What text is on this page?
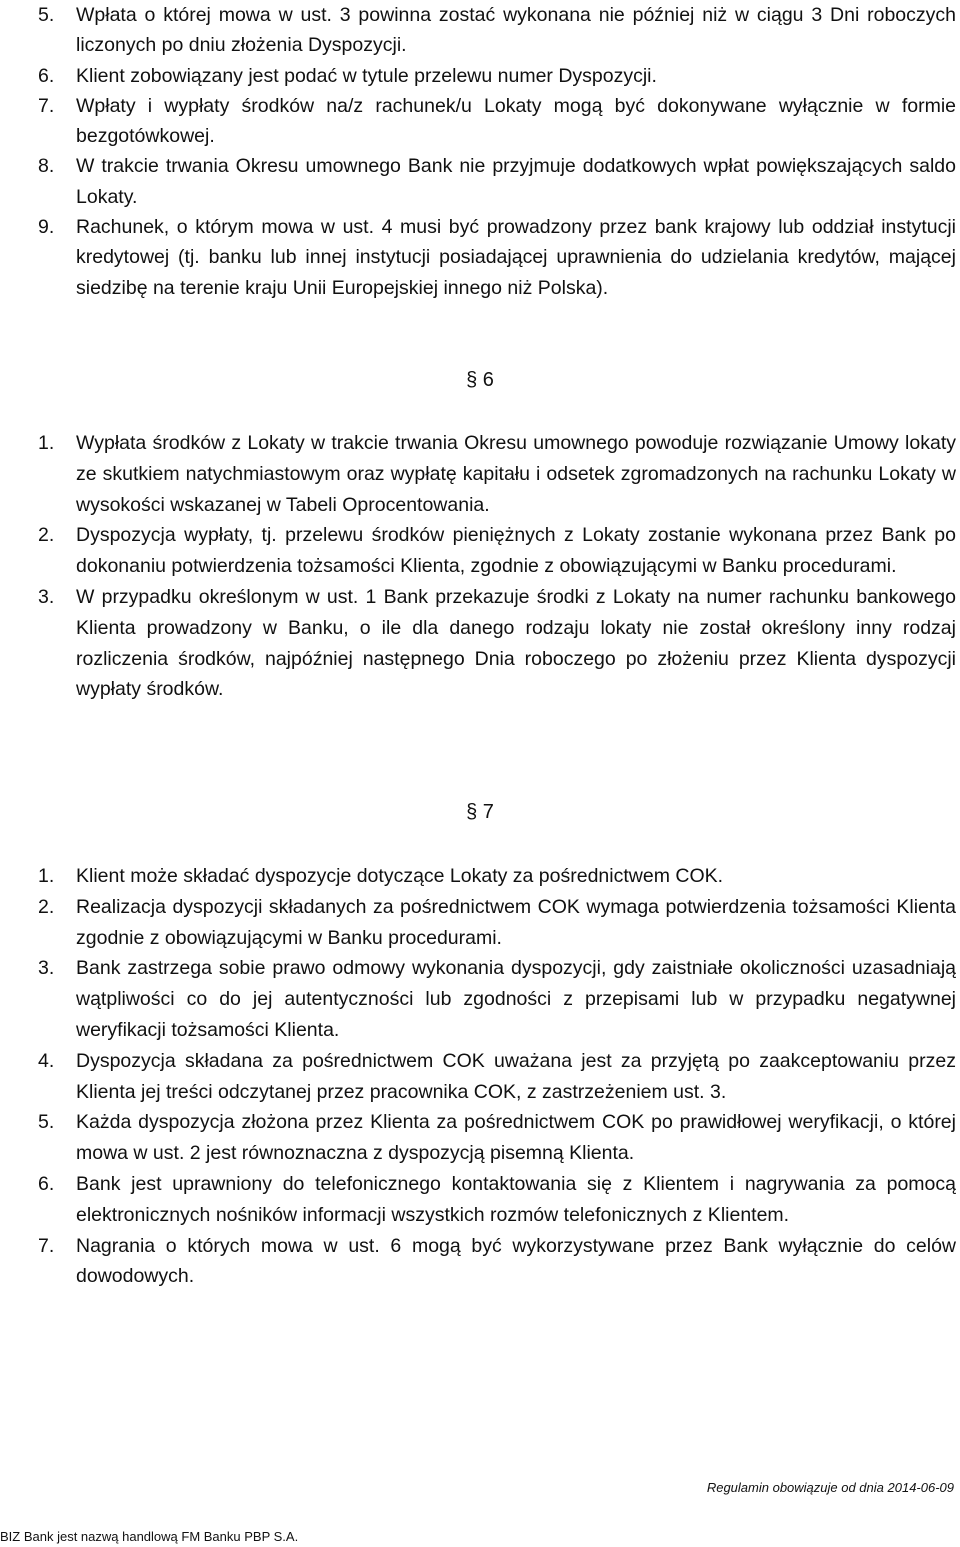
5. Wpłata o której mowa w ust. 3 powinna zostać wykonana nie później niż w ciągu 3 Dni roboczych liczonych po dniu złożenia Dyspozycji.
6. Klient zobowiązany jest podać w tytule przelewu numer Dyspozycji.
7. Wpłaty i wypłaty środków na/z rachunek/u Lokaty mogą być dokonywane wyłącznie w formie bezgotówkowej.
8. W trakcie trwania Okresu umownego Bank nie przyjmuje dodatkowych wpłat powiększających saldo Lokaty.
9. Rachunek, o którym mowa w ust. 4 musi być prowadzony przez bank krajowy lub oddział instytucji kredytowej (tj. banku lub innej instytucji posiadającej uprawnienia do udzielania kredytów, mającej siedzibę na terenie kraju Unii Europejskiej innego niż Polska).
§ 6
1. Wypłata środków z Lokaty w trakcie trwania Okresu umownego powoduje rozwiązanie Umowy lokaty ze skutkiem natychmiastowym oraz wypłatę kapitału i odsetek zgromadzonych na rachunku Lokaty w wysokości wskazanej w Tabeli Oprocentowania.
2. Dyspozycja wypłaty, tj. przelewu środków pieniężnych z Lokaty zostanie wykonana przez Bank po dokonaniu potwierdzenia tożsamości Klienta, zgodnie z obowiązującymi w Banku procedurami.
3. W przypadku określonym w ust. 1 Bank przekazuje środki z Lokaty na numer rachunku bankowego Klienta prowadzony w Banku, o ile dla danego rodzaju lokaty nie został określony inny rodzaj rozliczenia środków, najpóźniej następnego Dnia roboczego po złożeniu przez Klienta dyspozycji wypłaty środków.
§ 7
1. Klient może składać dyspozycje dotyczące Lokaty za pośrednictwem COK.
2. Realizacja dyspozycji składanych za pośrednictwem COK wymaga potwierdzenia tożsamości Klienta zgodnie z obowiązującymi w Banku procedurami.
3. Bank zastrzega sobie prawo odmowy wykonania dyspozycji, gdy zaistniałe okoliczności uzasadniają wątpliwości co do jej autentyczności lub zgodności z przepisami lub w przypadku negatywnej weryfikacji tożsamości Klienta.
4. Dyspozycja składana za pośrednictwem COK uważana jest za przyjętą po zaakceptowaniu przez Klienta jej treści odczytanej przez pracownika COK, z zastrzeżeniem ust. 3.
5. Każda dyspozycja złożona przez Klienta za pośrednictwem COK po prawidłowej weryfikacji, o której mowa w ust. 2 jest równoznaczna z dyspozycją pisemną Klienta.
6. Bank jest uprawniony do telefonicznego kontaktowania się z Klientem i nagrywania za pomocą elektronicznych nośników informacji wszystkich rozmów telefonicznych z Klientem.
7. Nagrania o których mowa w ust. 6 mogą być wykorzystywane przez Bank wyłącznie do celów dowodowych.
Regulamin obowiązuje od dnia 2014-06-09
BIZ Bank jest nazwą handlową FM Banku PBP S.A.
